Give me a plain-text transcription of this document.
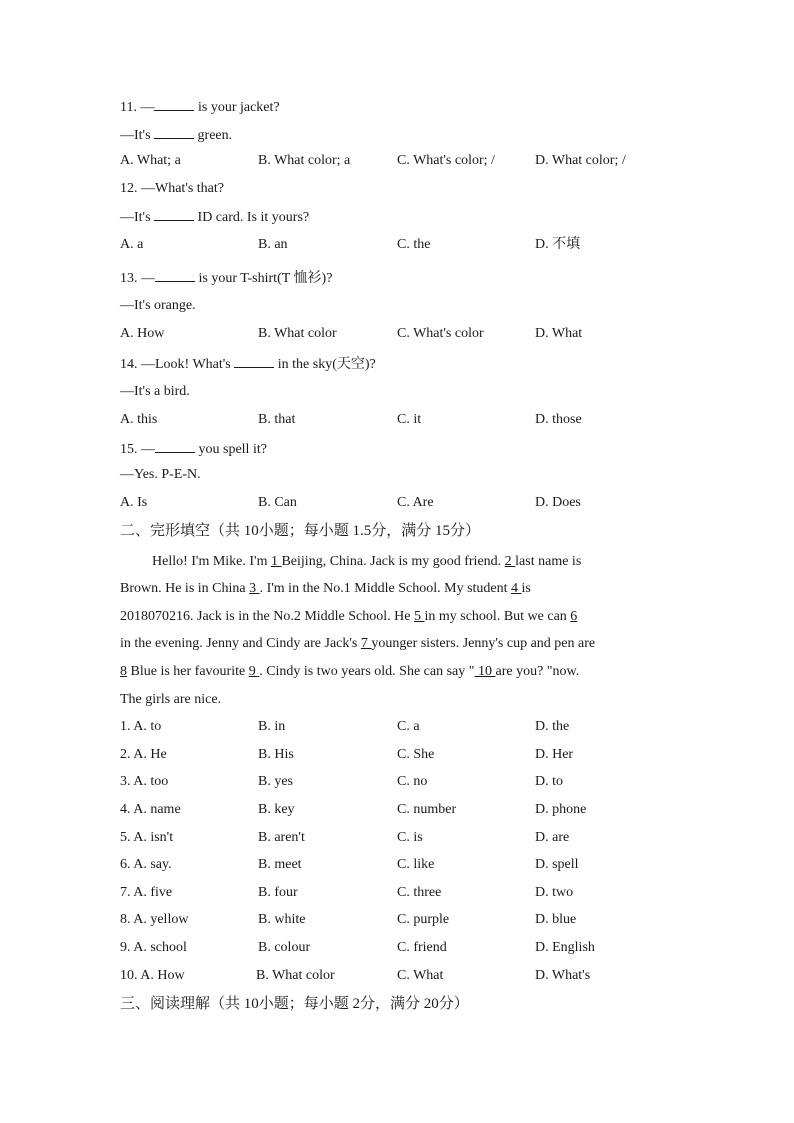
11. —	is your jacket?
—It's	green.
A. What; a	B. What color; a	C. What's color; /	D. What color; /
12. —What's that?
—It's	ID card. Is it yours?
A. a	B. an	C. the	D. 不填
13. —	is your T-shirt(T 恤衫)?
—It's orange.
A. How	B. What color	C. What's color	D. What
14. —Look! What's	in the sky(天空)?
—It's a bird.
A. this	B. that	C. it	D. those
15. —	you spell it?
—Yes. P-E-N.
A. Is	B. Can	C. Are	D. Does
二、完形填空（共 10小题；每小题 1.5分，满分 15分）
Hello! I'm Mike. I'm 1 Beijing, China. Jack is my good friend. 2 last name is
Brown. He is in China 3 . I'm in the No.1 Middle School. My student 4 is
2018070216. Jack is in the No.2 Middle School. He 5 in my school. But we can 6
in the evening. Jenny and Cindy are Jack's 7 younger sisters. Jenny's cup and pen are
8 Blue is her favourite 9 . Cindy is two years old. She can say " 10 are you? "now.
The girls are nice.
1. A. to	B. in	C. a	D. the
2. A. He	B. His	C. She	D. Her
3. A. too	B. yes	C. no	D. to
4. A. name	B. key	C. number	D. phone
5. A. isn't	B. aren't	C. is	D. are
6. A. say.	B. meet	C. like	D. spell
7. A. five	B. four	C. three	D. two
8. A. yellow	B. white	C. purple	D. blue
9. A. school	B. colour	C. friend	D. English
10. A. How	B. What color	C. What	D. What's
三、阅读理解（共 10小题；每小题 2分，满分 20分）
